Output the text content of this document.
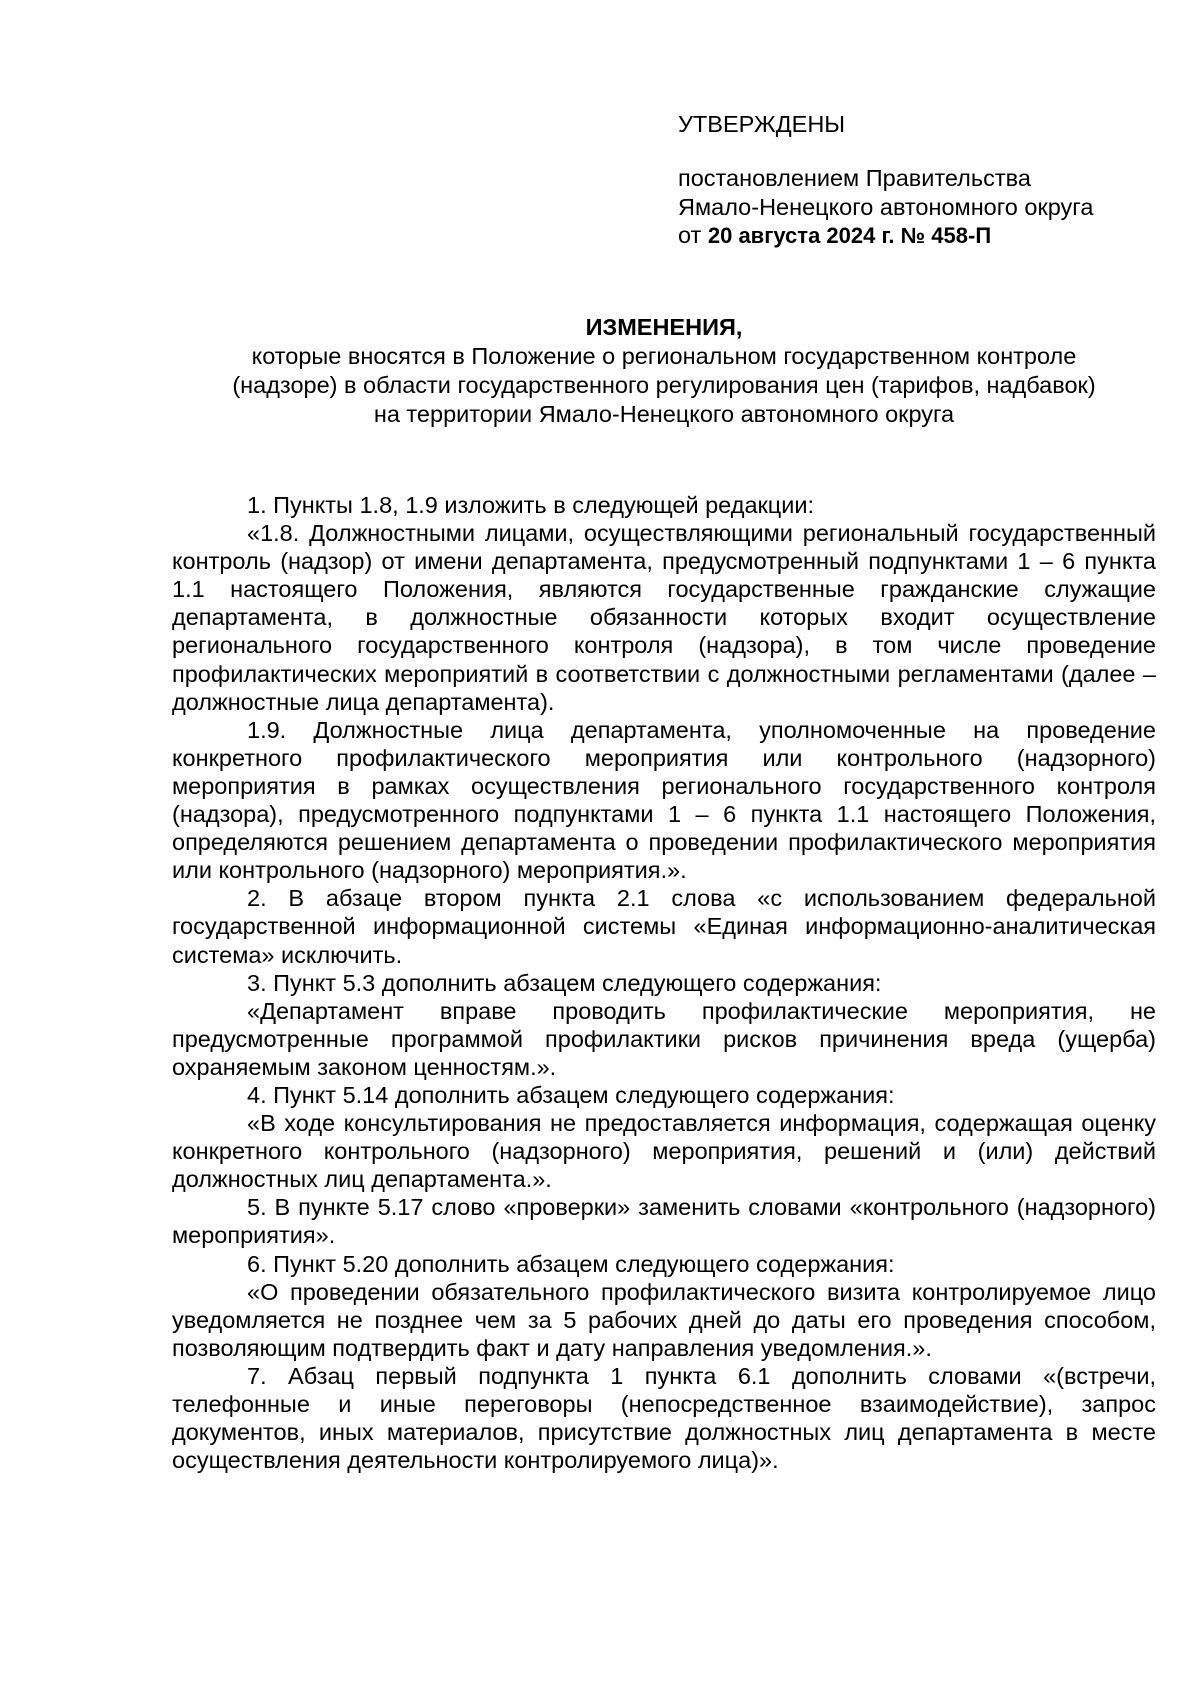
УТВЕРЖДЕНЫ
постановлением Правительства
Ямало-Ненецкого автономного округа
от 20 августа 2024 г. № 458-П
ИЗМЕНЕНИЯ,
которые вносятся в Положение о региональном государственном контроле
(надзоре) в области государственного регулирования цен (тарифов, надбавок)
на территории Ямало-Ненецкого автономного округа

1. Пункты 1.8, 1.9 изложить в следующей редакции:

«1.8. Должностными лицами, осуществляющими региональный государственный контроль (надзор) от имени департамента, предусмотренный подпунктами 1 – 6 пункта 1.1 настоящего Положения, являются государственные гражданские служащие департамента, в должностные обязанности которых входит осуществление регионального государственного контроля (надзора), в том числе проведение профилактических мероприятий в соответствии с должностными регламентами (далее – должностные лица департамента).

1.9. Должностные лица департамента, уполномоченные на проведение конкретного профилактического мероприятия или контрольного (надзорного) мероприятия в рамках осуществления регионального государственного контроля (надзора), предусмотренного подпунктами 1 – 6 пункта 1.1 настоящего Положения, определяются решением департамента о проведении профилактического мероприятия или контрольного (надзорного) мероприятия.».

2. В абзаце втором пункта 2.1 слова «с использованием федеральной государственной информационной системы «Единая информационно-аналитическая система» исключить.

3. Пункт 5.3 дополнить абзацем следующего содержания:

«Департамент вправе проводить профилактические мероприятия, не предусмотренные программой профилактики рисков причинения вреда (ущерба) охраняемым законом ценностям.».

4. Пункт 5.14 дополнить абзацем следующего содержания:

«В ходе консультирования не предоставляется информация, содержащая оценку конкретного контрольного (надзорного) мероприятия, решений и (или) действий должностных лиц департамента.».

5. В пункте 5.17 слово «проверки» заменить словами «контрольного (надзорного) мероприятия».

6. Пункт 5.20 дополнить абзацем следующего содержания:

«О проведении обязательного профилактического визита контролируемое лицо уведомляется не позднее чем за 5 рабочих дней до даты его проведения способом, позволяющим подтвердить факт и дату направления уведомления.».

7. Абзац первый подпункта 1 пункта 6.1 дополнить словами «(встречи, телефонные и иные переговоры (непосредственное взаимодействие), запрос документов, иных материалов, присутствие должностных лиц департамента в месте осуществления деятельности контролируемого лица)».
